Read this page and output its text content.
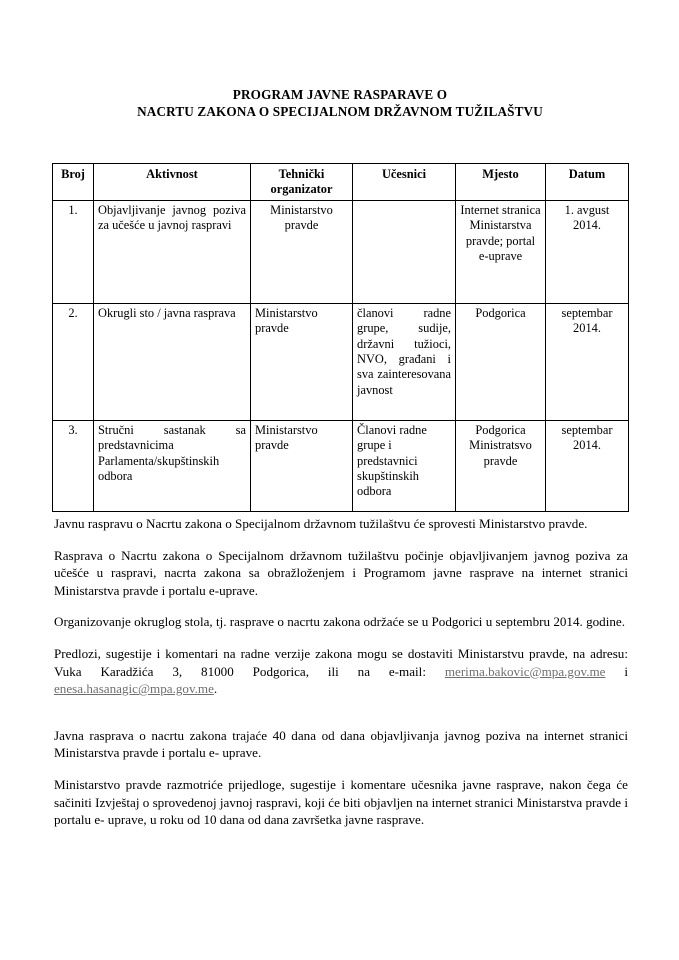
PROGRAM JAVNE RASPARAVE O
NACRTU ZAKONA O SPECIJALNOM DRŽAVNOM TUŽILAŠTVU
Broj	Aktivnost	Tehnički organizator	Učesnici	Mjesto	Datum
1.	Objavljivanje javnog poziva za učešće u javnoj raspravi	Ministarstvo pravde		Internet stranica Ministarstva pravde; portal e-uprave	1. avgust 2014.
2.	Okrugli sto / javna rasprava	Ministarstvo pravde	članovi radne grupe, sudije, državni tužioci, NVO, građani i sva zainteresovana javnost	Podgorica	septembar 2014.
3.	Stručni sastanak sa predstavnicima Parlamenta/skupštinskih odbora	Ministarstvo pravde	Članovi radne grupe i predstavnici skupštinskih odbora	Podgorica Ministratsvo pravde	septembar 2014.

Javnu raspravu o Nacrtu zakona o Specijalnom državnom tužilaštvu će sprovesti Ministarstvo pravde.

Rasprava o Nacrtu zakona o Specijalnom državnom tužilaštvu počinje objavljivanjem javnog poziva za učešće u raspravi, nacrta zakona sa obražloženjem i Programom javne rasprave na internet stranici Ministarstva pravde i portalu e-uprave.

Organizovanje okruglog stola, tj. rasprave o nacrtu zakona održaće se u Podgorici u septembru 2014. godine.

Predlozi, sugestije i komentari na radne verzije zakona mogu se dostaviti Ministarstvu pravde, na adresu: Vuka Karadžića 3, 81000 Podgorica, ili na e-mail: merima.bakovic@mpa.gov.me i enesa.hasanagic@mpa.gov.me.

Javna rasprava o nacrtu zakona trajaće 40 dana od dana objavljivanja javnog poziva na internet stranici Ministarstva pravde i portalu e- uprave.

Ministarstvo pravde razmotriće prijedloge, sugestije i komentare učesnika javne rasprave, nakon čega će sačiniti Izvještaj o sprovedenoj javnoj raspravi, koji će biti objavljen na internet stranici Ministarstva pravde i portalu e- uprave, u roku od 10 dana od dana završetka javne rasprave.
